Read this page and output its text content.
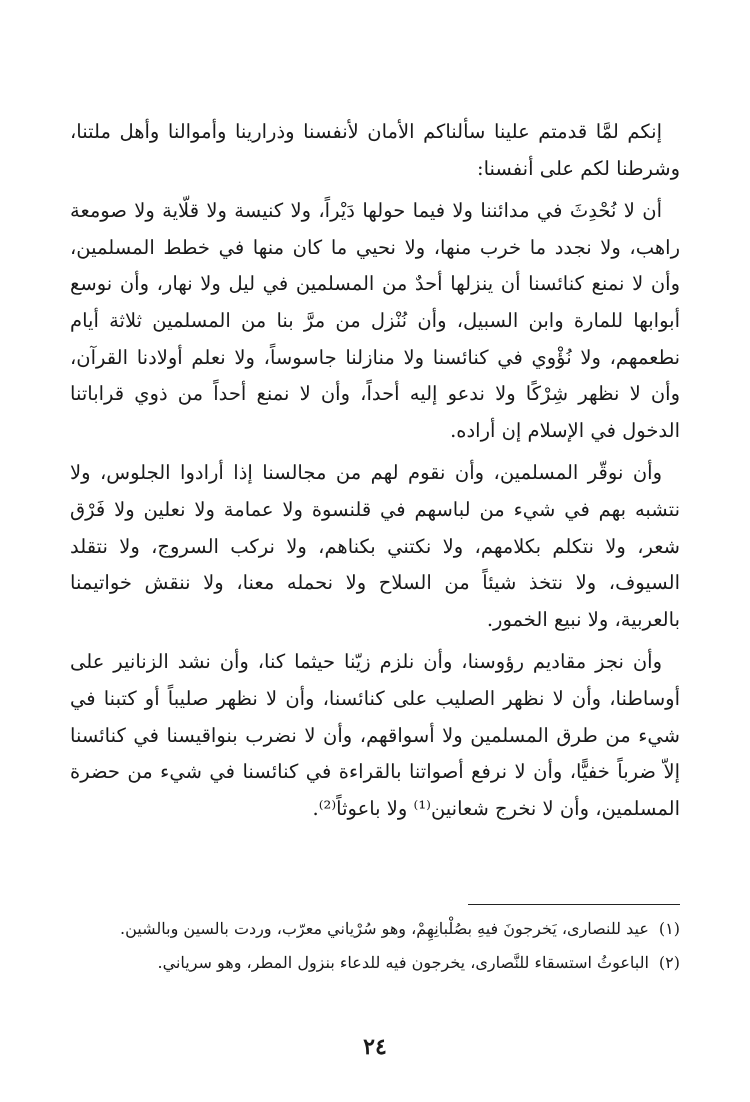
إنكم لمَّا قدمتم علينا سألناكم الأمان لأنفسنا وذرارينا وأموالنا وأهل ملتنا، وشرطنا لكم على أنفسنا:

أن لا نُحْدِثَ في مدائننا ولا فيما حولها دَيْراً، ولا كنيسة ولا قلّاية ولا صومعة راهب، ولا نجدد ما خرب منها، ولا نحيي ما كان منها في خطط المسلمين، وأن لا نمنع كنائسنا أن ينزلها أحدٌ من المسلمين في ليل ولا نهار، وأن نوسع أبوابها للمارة وابن السبيل، وأن نُنْزل من مرَّ بنا من المسلمين ثلاثة أيام نطعمهم، ولا نُؤْوي في كنائسنا ولا منازلنا جاسوساً، ولا نعلم أولادنا القرآن، وأن لا نظهر شِرْكًا ولا ندعو إليه أحداً، وأن لا نمنع أحداً من ذوي قراباتنا الدخول في الإسلام إن أراده.

وأن نوقّر المسلمين، وأن نقوم لهم من مجالسنا إذا أرادوا الجلوس، ولا نتشبه بهم في شيء من لباسهم في قلنسوة ولا عمامة ولا نعلين ولا فَرْق شعر، ولا نتكلم بكلامهم، ولا نكتني بكناهم، ولا نركب السروج، ولا نتقلد السيوف، ولا نتخذ شيئاً من السلاح ولا نحمله معنا، ولا ننقش خواتيمنا بالعربية، ولا نبيع الخمور.

وأن نجز مقاديم رؤوسنا، وأن نلزم زيّنا حيثما كنا، وأن نشد الزنانير على أوساطنا، وأن لا نظهر الصليب على كنائسنا، وأن لا نظهر صليباً أو كتبنا في شيء من طرق المسلمين ولا أسواقهم، وأن لا نضرب بنواقيسنا في كنائسنا إلاّ ضرباً خفيًّا، وأن لا نرفع أصواتنا بالقراءة في كنائسنا في شيء من حضرة المسلمين، وأن لا نخرج شعانين⁽¹⁾ ولا باعوثاً⁽²⁾.

(١)
عيد للنصارى، يَخرجونَ فيهِ بصُلْبانِهِمْ، وهو سُرْياني معرّب، وردت بالسين وبالشين.
(٢)
الباعوثُ استسقاء للنَّصارى، يخرجون فيه للدعاء بنزول المطر، وهو سرياني.
٢٤
